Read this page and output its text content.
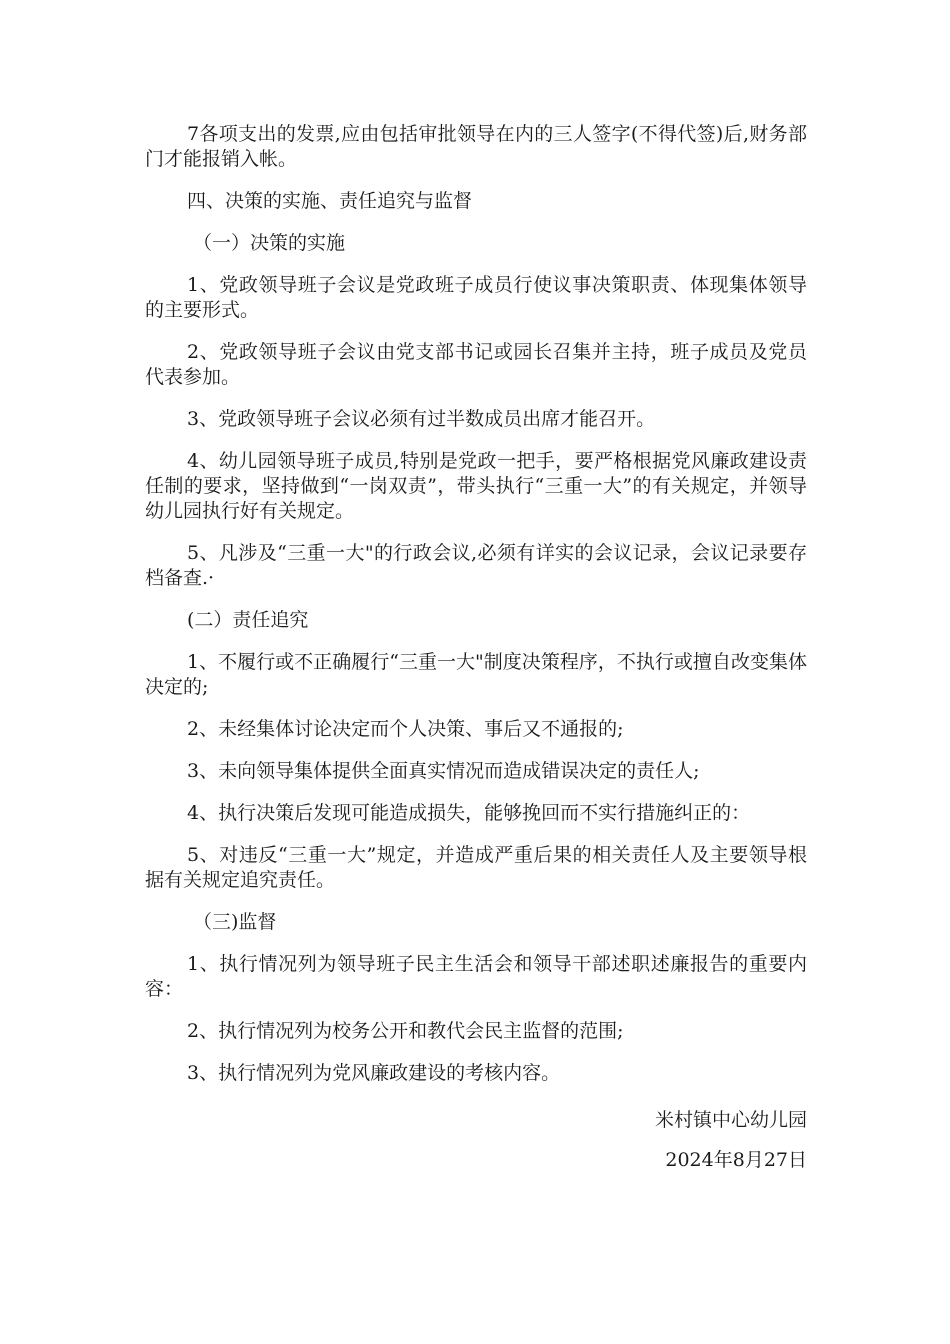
7各项支出的发票,应由包括审批领导在内的三人签字(不得代签)后,财务部门才能报销入帐。

四、决策的实施、责任追究与监督

（一）决策的实施

1、党政领导班子会议是党政班子成员行使议事决策职责、体现集体领导的主要形式。

2、党政领导班子会议由党支部书记或园长召集并主持，班子成员及党员代表参加。

3、党政领导班子会议必须有过半数成员出席才能召开。

4、幼儿园领导班子成员,特别是党政一把手，要严格根据党风廉政建设责任制的要求，坚持做到“一岗双责”，带头执行“三重一大”的有关规定，并领导幼儿园执行好有关规定。

5、凡涉及“三重一大"的行政会议,必须有详实的会议记录，会议记录要存档备查.·

(二）责任追究

1、不履行或不正确履行“三重一大"制度决策程序，不执行或擅自改变集体决定的;

2、未经集体讨论决定而个人决策、事后又不通报的;

3、未向领导集体提供全面真实情况而造成错误决定的责任人;

4、执行决策后发现可能造成损失，能够挽回而不实行措施纠正的：

5、对违反“三重一大”规定，并造成严重后果的相关责任人及主要领导根据有关规定追究责任。

（三)监督

1、执行情况列为领导班子民主生活会和领导干部述职述廉报告的重要内容：

2、执行情况列为校务公开和教代会民主监督的范围;

3、执行情况列为党风廉政建设的考核内容。

米村镇中心幼儿园
2024年8月27日
